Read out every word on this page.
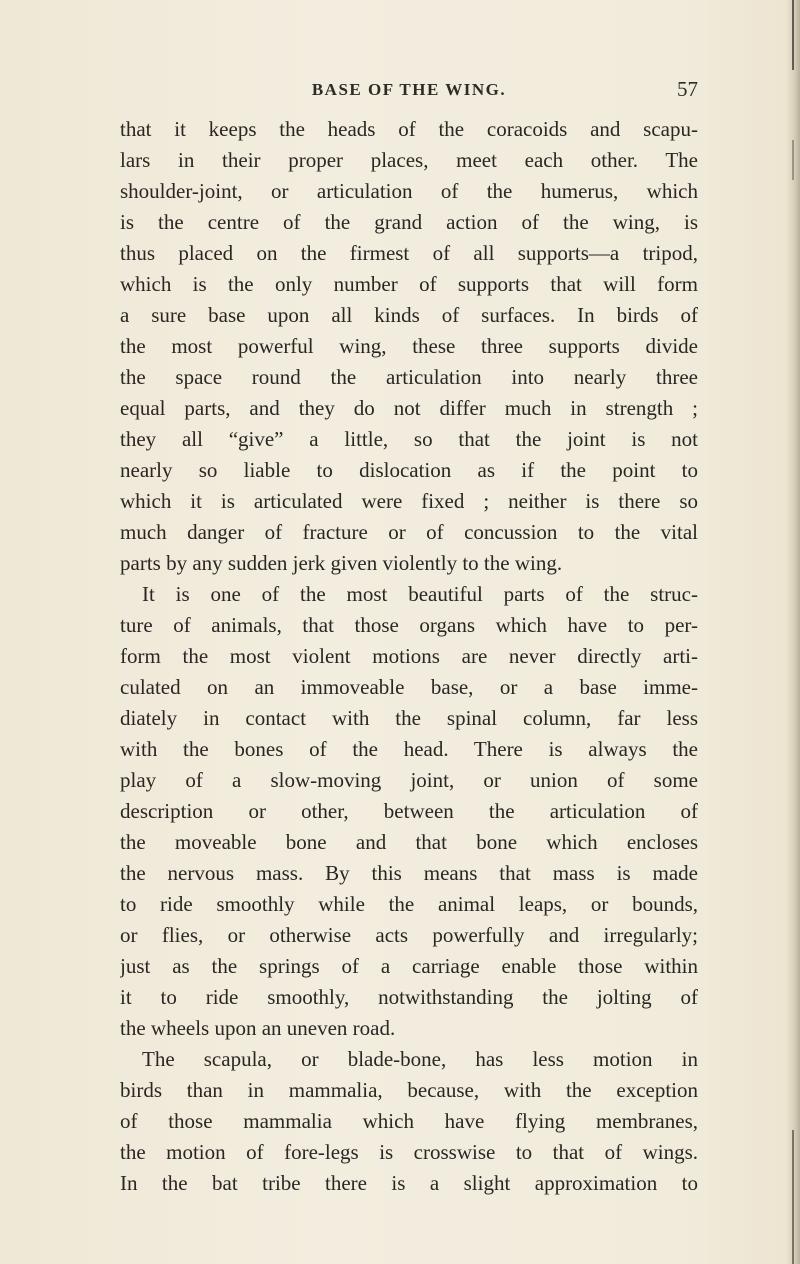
BASE OF THE WING.	57
that it keeps the heads of the coracoids and scapu-
lars in their proper places, meet each other. The
shoulder-joint, or articulation of the humerus, which
is the centre of the grand action of the wing, is
thus placed on the firmest of all supports—a tripod,
which is the only number of supports that will form
a sure base upon all kinds of surfaces. In birds of
the most powerful wing, these three supports divide
the space round the articulation into nearly three
equal parts, and they do not differ much in strength ;
they all “give” a little, so that the joint is not
nearly so liable to dislocation as if the point to
which it is articulated were fixed ; neither is there so
much danger of fracture or of concussion to the vital
parts by any sudden jerk given violently to the wing.
It is one of the most beautiful parts of the struc-
ture of animals, that those organs which have to per-
form the most violent motions are never directly arti-
culated on an immoveable base, or a base imme-
diately in contact with the spinal column, far less
with the bones of the head. There is always the
play of a slow-moving joint, or union of some
description or other, between the articulation of
the moveable bone and that bone which encloses
the nervous mass. By this means that mass is made
to ride smoothly while the animal leaps, or bounds,
or flies, or otherwise acts powerfully and irregularly;
just as the springs of a carriage enable those within
it to ride smoothly, notwithstanding the jolting of
the wheels upon an uneven road.
The scapula, or blade-bone, has less motion in
birds than in mammalia, because, with the exception
of those mammalia which have flying membranes,
the motion of fore-legs is crosswise to that of wings.
In the bat tribe there is a slight approximation to
